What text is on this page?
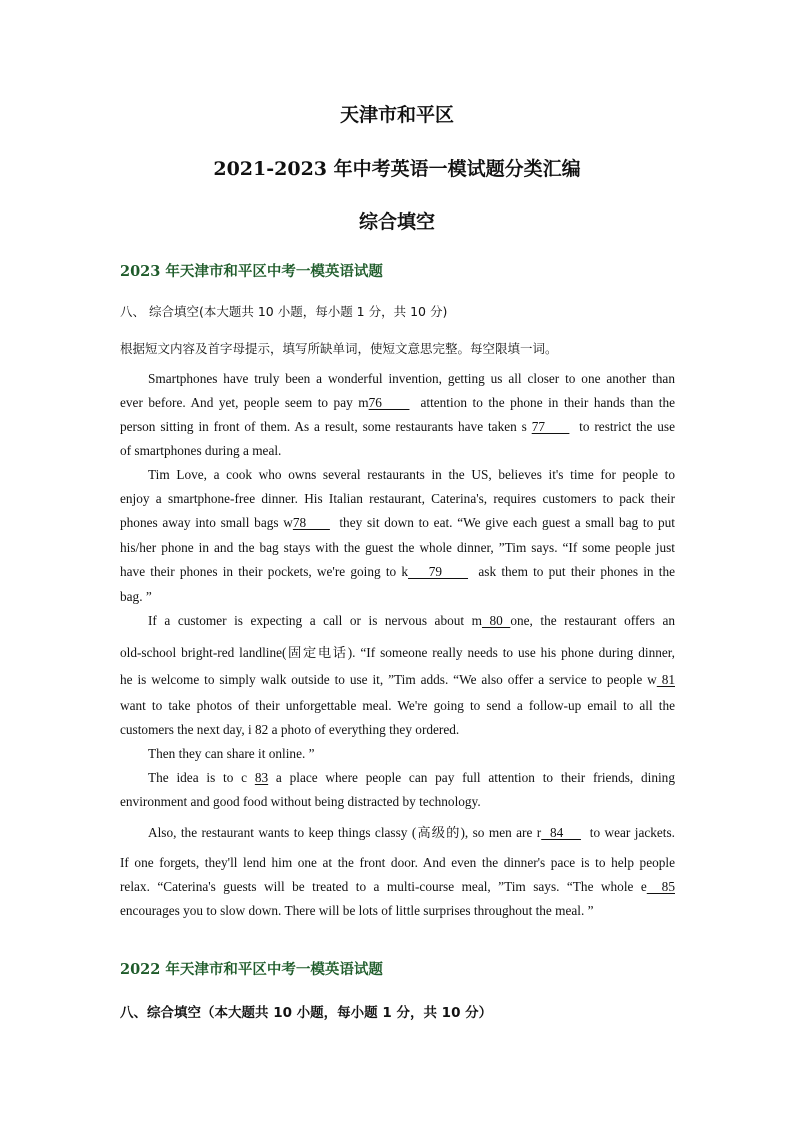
天津市和平区
2021-2023 年中考英语一模试题分类汇编
综合填空
2023 年天津市和平区中考一模英语试题
八、 综合填空(本大题共 10 小题，每小题 1 分，共 10 分)
根据短文内容及首字母提示，填写所缺单词，使短文意思完整。每空限填一词。
Smartphones have truly been a wonderful invention, getting us all closer to one another than
ever before. And yet, people seem to pay m76       attention to the phone in their hands than the
person sitting in front of them. As a result, some restaurants have taken s 77       to restrict the use
of smartphones during a meal.
Tim Love, a cook who owns several restaurants in the US, believes it's time for people to
enjoy a smartphone-free dinner. His Italian restaurant, Caterina's, requires customers to pack their
phones away into small bags w78       they sit down to eat. “We give each guest a small bag to put
his/her phone in and the bag stays with the guest the whole dinner, ”Tim says. “If some people just
have their phones in their pockets, we're going to k    79       ask them to put their phones in the
bag. ”
If a customer is expecting a call or is nervous about m 80 one, the restaurant offers an
old-school bright-red landline(固定电话). “If someone really needs to use his phone during dinner,
he is welcome to simply walk outside to use it, ”Tim adds. “We also offer a service to people w 81
want to take photos of their unforgettable meal. We're going to send a follow-up email to all the
customers the next day, i 82 a photo of everything they ordered.
Then they can share it online. ”
The idea is to c 83 a place where people can pay full attention to their friends, dining
environment and good food without being distracted by technology.
Also, the restaurant wants to keep things classy (高级的), so men are r  84      to wear jackets.
If one forgets, they'll lend him one at the front door. And even the dinner's pace is to help people
relax. “Caterina's guests will be treated to a multi-course meal, ”Tim says. “The whole e  85
encourages you to slow down. There will be lots of little surprises throughout the meal. ”
2022 年天津市和平区中考一模英语试题
八、综合填空（本大题共 10 小题，每小题 1 分，共 10 分）
